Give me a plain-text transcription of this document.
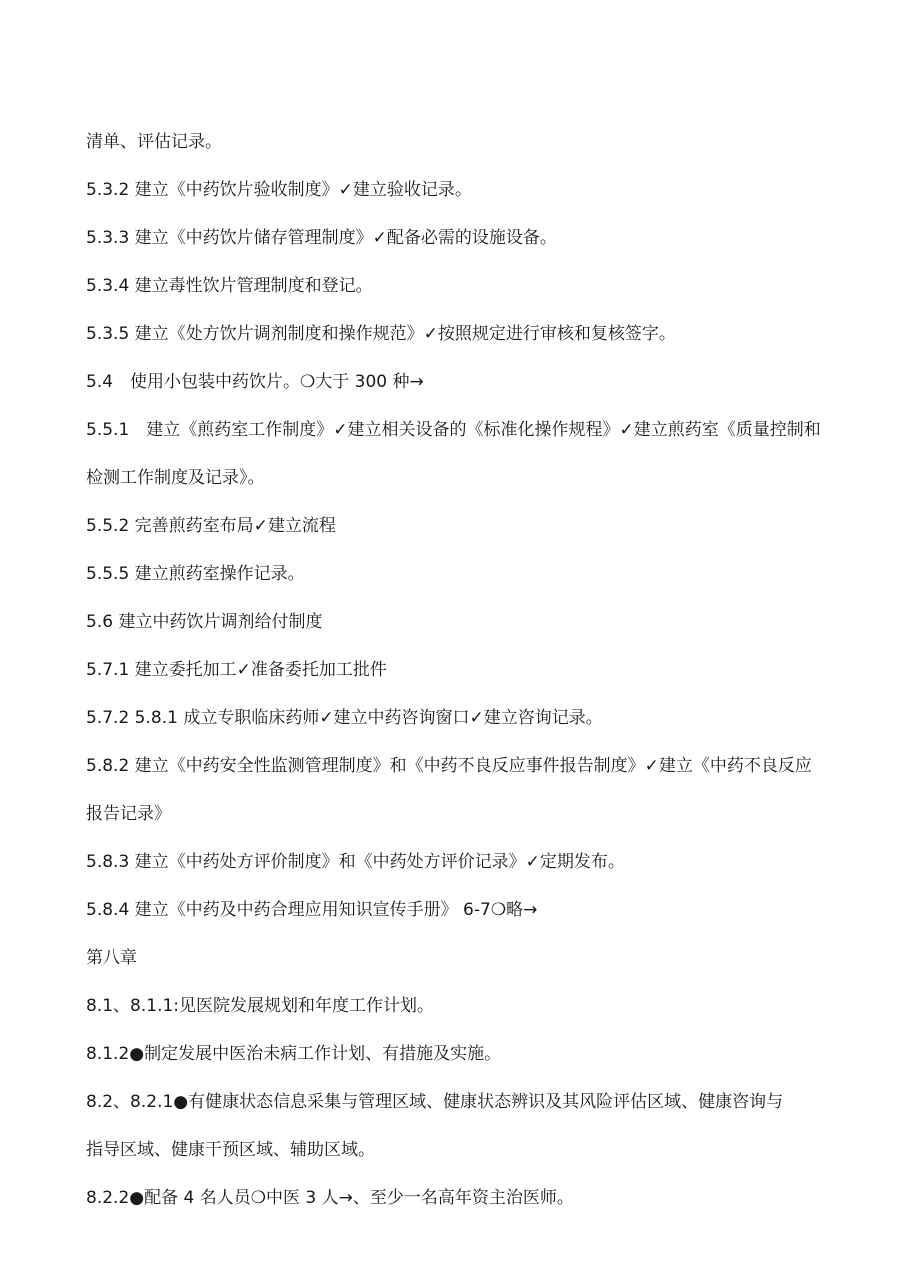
清单、评估记录。
5.3.2 建立《中药饮片验收制度》✓建立验收记录。
5.3.3 建立《中药饮片储存管理制度》✓配备必需的设施设备。
5.3.4 建立毒性饮片管理制度和登记。
5.3.5 建立《处方饮片调剂制度和操作规范》✓按照规定进行审核和复核签字。
5.4　使用小包装中药饮片。❍大于 300 种→
5.5.1　建立《煎药室工作制度》✓建立相关设备的《标准化操作规程》✓建立煎药室《质量控制和
检测工作制度及记录》。
5.5.2 完善煎药室布局✓建立流程
5.5.5 建立煎药室操作记录。
5.6 建立中药饮片调剂给付制度
5.7.1 建立委托加工✓准备委托加工批件
5.7.2 5.8.1 成立专职临床药师✓建立中药咨询窗口✓建立咨询记录。
5.8.2 建立《中药安全性监测管理制度》和《中药不良反应事件报告制度》✓建立《中药不良反应
报告记录》
5.8.3 建立《中药处方评价制度》和《中药处方评价记录》✓定期发布。
5.8.4 建立《中药及中药合理应用知识宣传手册》 6-7❍略→
第八章
8.1、8.1.1:见医院发展规划和年度工作计划。
8.1.2●制定发展中医治未病工作计划、有措施及实施。
8.2、8.2.1●有健康状态信息采集与管理区域、健康状态辨识及其风险评估区域、健康咨询与
指导区域、健康干预区域、辅助区域。
8.2.2●配备 4 名人员❍中医 3 人→、至少一名高年资主治医师。
